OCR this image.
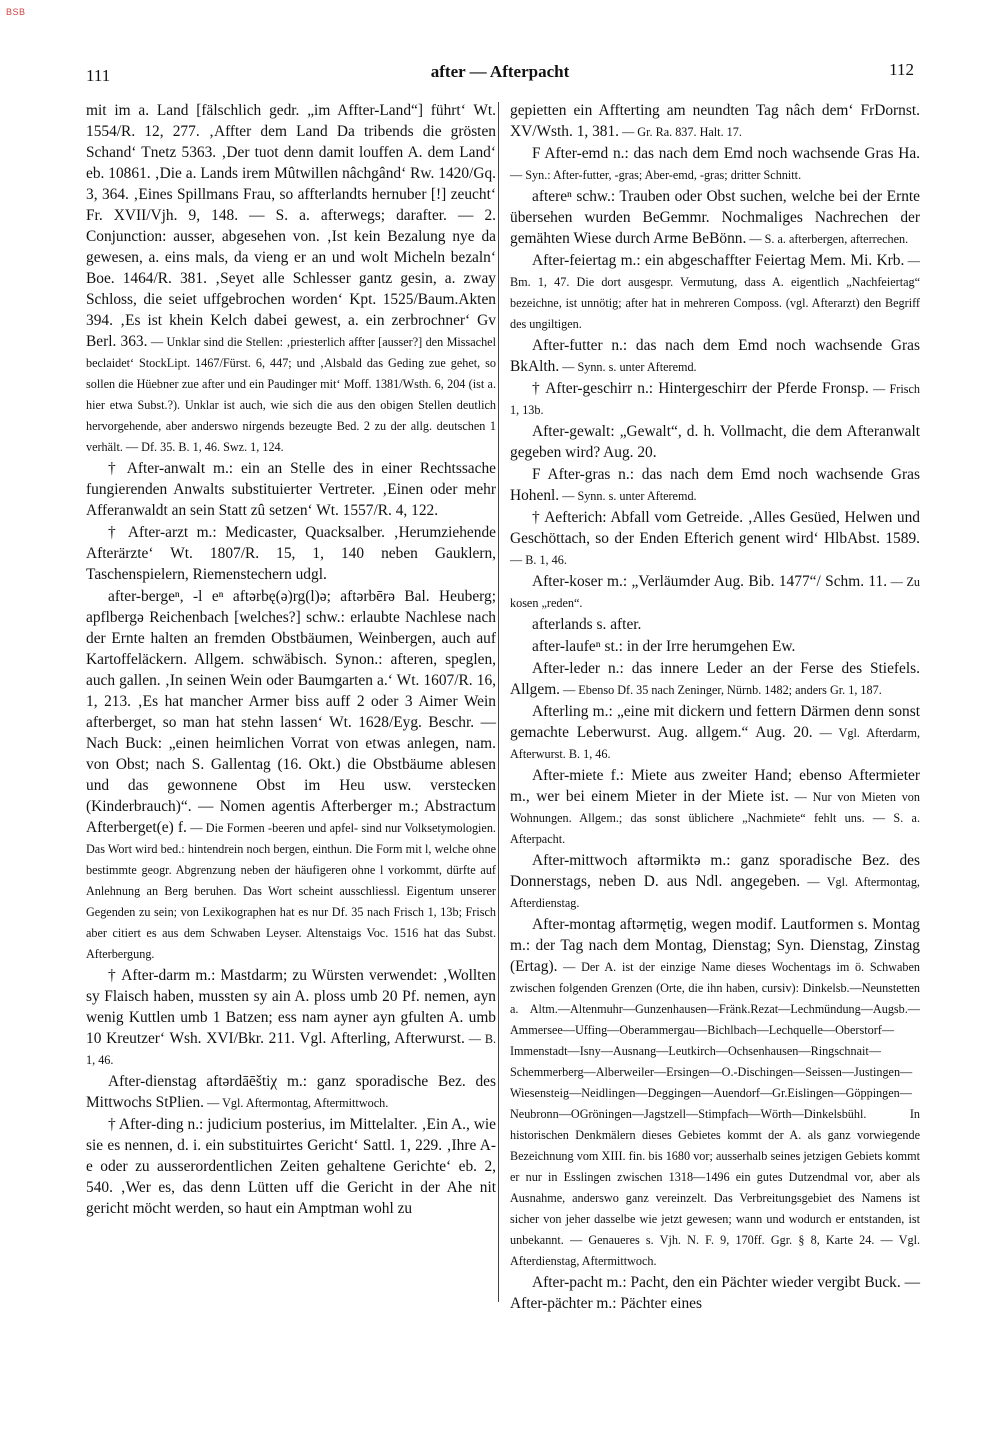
BSB
111	after — Afterpacht	112
mit im a. Land [fälschlich gedr. „im Affter-Land“] führt‘ Wt. 1554/R. 12, 277. ‚Affter dem Land Da tribends die grösten Schand‘ Tnetz 5363. ‚Der tuot denn damit louffen A. dem Land‘ eb. 10861. ‚Die a. Lands irem Mûtwillen nâchgând‘ Rw. 1420/Gq. 3, 364. ‚Eines Spillmans Frau, so affterlandts hernuber [!] zeucht‘ Fr. XVII/Vjh. 9, 148. — S. a. afterwegs; darafter. — 2. Conjunction: ausser, abgesehen von. ‚Ist kein Bezalung nye da gewesen, a. eins mals, da vieng er an und wolt Micheln bezaln‘ Boe. 1464/R. 381. ‚Seyet alle Schlesser gantz gesin, a. zway Schloss, die seiet uffgebrochen worden‘ Kpt. 1525/Baum.Akten 394. ‚Es ist khein Kelch dabei gewest, a. ein zerbrochner‘ Gv Berl. 363. — Unklar sind die Stellen: ‚priesterlich affter [ausser?] den Missachel beclaidet‘ StockLipt. 1467/Fürst. 6, 447; und ‚Alsbald das Geding zue gehet, so sollen die Hüebner zue after und ein Paudinger mit‘ Moff. 1381/Wsth. 6, 204 (ist a. hier etwa Subst.?). Unklar ist auch, wie sich die aus den obigen Stellen deutlich hervorgehende, aber anderswo nirgends bezeugte Bed. 2 zu der allg. deutschen 1 verhält. — Df. 35. B. 1, 46. Swz. 1, 124.
† After-anwalt m.: ein an Stelle des in einer Rechtssache fungierenden Anwalts substituierter Vertreter. ‚Einen oder mehr Afferanwaldt an sein Statt zû setzen‘ Wt. 1557/R. 4, 122.
† After-arzt m.: Medicaster, Quacksalber. ‚Herumziehende Afterärzte‘ Wt. 1807/R. 15, 1, 140 neben Gauklern, Taschenspielern, Riemenstechern udgl.
after-bergeⁿ, -l eⁿ aftərbę(ə)rg(l)ə; aftərbērə Bal. Heuberg; apflbergə Reichenbach [welches?] schw.: erlaubte Nachlese nach der Ernte halten an fremden Obstbäumen, Weinbergen, auch auf Kartoffeläckern. Allgem. schwäbisch. Synon.: afteren, speglen, auch gallen. ‚In seinen Wein oder Baumgarten a.‘ Wt. 1607/R. 16, 1, 213. ‚Es hat mancher Armer biss auff 2 oder 3 Aimer Wein afterberget, so man hat stehn lassen‘ Wt. 1628/Eyg. Beschr. — Nach Buck: „einen heimlichen Vorrat von etwas anlegen, nam. von Obst; nach S. Gallentag (16. Okt.) die Obstbäume ablesen und das gewonnene Obst im Heu usw. verstecken (Kinderbrauch)“. — Nomen agentis Afterberger m.; Abstractum Afterberget(e) f. — Die Formen -beeren und apfel- sind nur Volksetymologien. Das Wort wird bed.: hintendrein noch bergen, einthun. Die Form mit l, welche ohne bestimmte geogr. Abgrenzung neben der häufigeren ohne l vorkommt, dürfte auf Anlehnung an Berg beruhen. Das Wort scheint ausschliessl. Eigentum unserer Gegenden zu sein; von Lexikographen hat es nur Df. 35 nach Frisch 1, 13b; Frisch aber citiert es aus dem Schwaben Leyser. Altenstaigs Voc. 1516 hat das Subst. Afterbergung.
† After-darm m.: Mastdarm; zu Würsten verwendet: ‚Wollten sy Flaisch haben, mussten sy ain A. ploss umb 20 Pf. nemen, ayn wenig Kuttlen umb 1 Batzen; ess nam ayner ayn gfulten A. umb 10 Kreutzer‘ Wsh. XVI/Bkr. 211. Vgl. Afterling, Afterwurst. — B. 1, 46.
After-dienstag aftərdāēštiχ m.: ganz sporadische Bez. des Mittwochs StPlien. — Vgl. Aftermontag, Aftermittwoch.
† After-ding n.: judicium posterius, im Mittelalter. ‚Ein A., wie sie es nennen, d. i. ein substituirtes Gericht‘ Sattl. 1, 229. ‚Ihre A-e oder zu ausserordentlichen Zeiten gehaltene Gerichte‘ eb. 2, 540. ‚Wer es, das denn Lütten uff die Gericht in der Ahe nit gericht möcht werden, so haut ein Amptman wohl zu
gepietten ein Affterting am neundten Tag nâch dem‘ FrDornst. XV/Wsth. 1, 381. — Gr. Ra. 837. Halt. 17.
F After-emd n.: das nach dem Emd noch wachsende Gras Ha. — Syn.: After-futter, -gras; Aber-emd, -gras; dritter Schnitt.
afterеⁿ schw.: Trauben oder Obst suchen, welche bei der Ernte übersehen wurden BeGemmr. Nochmaliges Nachrechen der gemähten Wiese durch Arme BeBönn. — S. a. afterbergen, afterrechen.
After-feiertag m.: ein abgeschaffter Feiertag Mem. Mi. Krb. — Bm. 1, 47. Die dort ausgespr. Vermutung, dass A. eigentlich „Nachfeiertag“ bezeichne, ist unnötig; after hat in mehreren Composs. (vgl. Afterarzt) den Begriff des ungiltigen.
After-futter n.: das nach dem Emd noch wachsende Gras BkAlth. — Synn. s. unter Afteremd.
† After-geschirr n.: Hintergeschirr der Pferde Fronsp. — Frisch 1, 13b.
After-gewalt: „Gewalt“, d. h. Vollmacht, die dem Afteranwalt gegeben wird? Aug. 20.
F After-gras n.: das nach dem Emd noch wachsende Gras Hohenl. — Synn. s. unter Afteremd.
† Aefterich: Abfall vom Getreide. ‚Alles Gesüed, Helwen und Geschöttach, so der Enden Efterich genent wird‘ HlbAbst. 1589. — B. 1, 46.
After-koser m.: „Verläumder Aug. Bib. 1477“/ Schm. 11. — Zu kosen „reden“.
afterlands s. after.
after-laufeⁿ st.: in der Irre herumgehen Ew.
After-leder n.: das innere Leder an der Ferse des Stiefels. Allgem. — Ebenso Df. 35 nach Zeninger, Nürnb. 1482; anders Gr. 1, 187.
Afterling m.: „eine mit dickern und fettern Därmen denn sonst gemachte Leberwurst. Aug. allgem.“ Aug. 20. — Vgl. Afterdarm, Afterwurst. B. 1, 46.
After-miete f.: Miete aus zweiter Hand; ebenso Aftermieter m., wer bei einem Mieter in der Miete ist. — Nur von Mieten von Wohnungen. Allgem.; das sonst üblichere „Nachmiete“ fehlt uns. — S. a. Afterpacht.
After-mittwoch aftərmiktə m.: ganz sporadische Bez. des Donnerstags, neben D. aus Ndl. angegeben. — Vgl. Aftermontag, Afterdienstag.
After-montag aftərmętig, wegen modif. Lautformen s. Montag m.: der Tag nach dem Montag, Dienstag; Syn. Dienstag, Zinstag (Ertag). — Der A. ist der einzige Name dieses Wochentags im ö. Schwaben zwischen folgenden Grenzen (Orte, die ihn haben, cursiv): Dinkelsb.—Neunstetten a. Altm.—Altenmuhr—Gunzenhausen—Fränk.Rezat—Lechmündung—Augsb.—Ammersee—Uffing—Oberammergau—Bichlbach—Lechquelle—Oberstorf—Immenstadt—Isny—Ausnang—Leutkirch—Ochsenhausen—Ringschnait—Schemmerberg—Alberweiler—Ersingen—O.-Dischingen—Seissen—Justingen—Wiesensteig—Neidlingen—Deggingen—Auendorf—Gr.Eislingen—Göppingen—Neubronn—OGröningen—Jagstzell—Stimpfach—Wörth—Dinkelsbühl. In historischen Denkmälern dieses Gebietes kommt der A. als ganz vorwiegende Bezeichnung vom XIII. fin. bis 1680 vor; ausserhalb seines jetzigen Gebiets kommt er nur in Esslingen zwischen 1318—1496 ein gutes Dutzendmal vor, aber als Ausnahme, anderswo ganz vereinzelt. Das Verbreitungsgebiet des Namens ist sicher von jeher dasselbe wie jetzt gewesen; wann und wodurch er entstanden, ist unbekannt. — Genaueres s. Vjh. N. F. 9, 170ff. Ggr. § 8, Karte 24. — Vgl. Afterdienstag, Aftermittwoch.
After-pacht m.: Pacht, den ein Pächter wieder vergibt Buck. — After-pächter m.: Pächter eines
